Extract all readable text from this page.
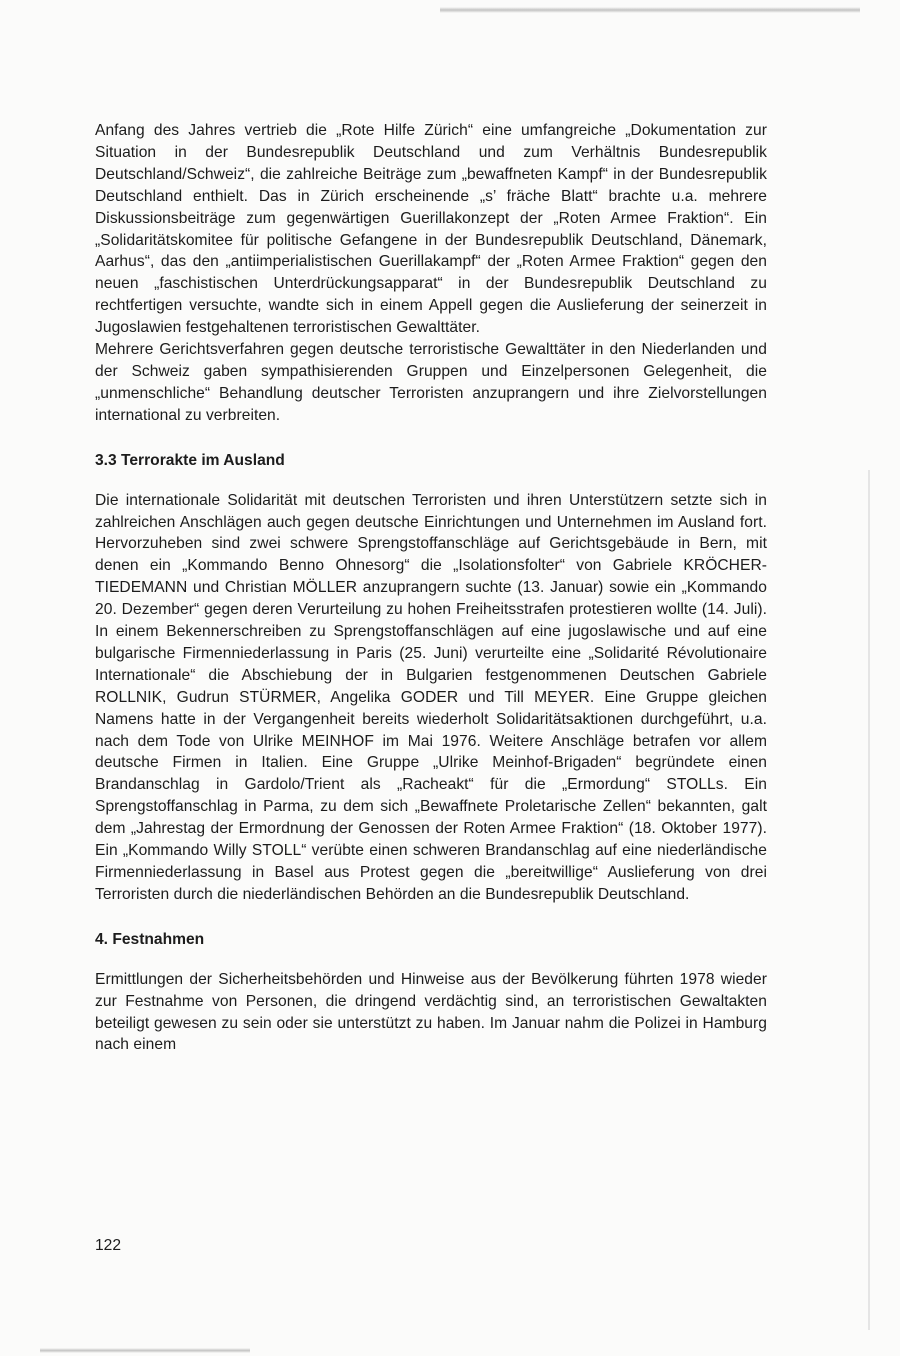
Anfang des Jahres vertrieb die „Rote Hilfe Zürich“ eine umfangreiche „Dokumentation zur Situation in der Bundesrepublik Deutschland und zum Verhältnis Bundesrepublik Deutschland/Schweiz“, die zahlreiche Beiträge zum „bewaffneten Kampf“ in der Bundesrepublik Deutschland enthielt. Das in Zürich erscheinende „s’ fräche Blatt“ brachte u.a. mehrere Diskussionsbeiträge zum gegenwärtigen Guerillakonzept der „Roten Armee Fraktion“. Ein „Solidaritätskomitee für politische Gefangene in der Bundesrepublik Deutschland, Dänemark, Aarhus“, das den „antiimperialistischen Guerillakampf“ der „Roten Armee Fraktion“ gegen den neuen „faschistischen Unterdrückungsapparat“ in der Bundesrepublik Deutschland zu rechtfertigen versuchte, wandte sich in einem Appell gegen die Auslieferung der seinerzeit in Jugoslawien festgehaltenen terroristischen Gewalttäter.

Mehrere Gerichtsverfahren gegen deutsche terroristische Gewalttäter in den Niederlanden und der Schweiz gaben sympathisierenden Gruppen und Einzelpersonen Gelegenheit, die „unmenschliche“ Behandlung deutscher Terroristen anzuprangern und ihre Zielvorstellungen international zu verbreiten.

3.3 Terrorakte im Ausland

Die internationale Solidarität mit deutschen Terroristen und ihren Unterstützern setzte sich in zahlreichen Anschlägen auch gegen deutsche Einrichtungen und Unternehmen im Ausland fort. Hervorzuheben sind zwei schwere Sprengstoffanschläge auf Gerichtsgebäude in Bern, mit denen ein „Kommando Benno Ohnesorg“ die „Isolationsfolter“ von Gabriele KRÖCHER-TIEDEMANN und Christian MÖLLER anzuprangern suchte (13. Januar) sowie ein „Kommando 20. Dezember“ gegen deren Verurteilung zu hohen Freiheitsstrafen protestieren wollte (14. Juli). In einem Bekennerschreiben zu Sprengstoffanschlägen auf eine jugoslawische und auf eine bulgarische Firmenniederlassung in Paris (25. Juni) verurteilte eine „Solidarité Révolutionaire Internationale“ die Abschiebung der in Bulgarien festgenommenen Deutschen Gabriele ROLLNIK, Gudrun STÜRMER, Angelika GODER und Till MEYER. Eine Gruppe gleichen Namens hatte in der Vergangenheit bereits wiederholt Solidaritätsaktionen durchgeführt, u.a. nach dem Tode von Ulrike MEINHOF im Mai 1976. Weitere Anschläge betrafen vor allem deutsche Firmen in Italien. Eine Gruppe „Ulrike Meinhof-Brigaden“ begründete einen Brandanschlag in Gardolo/Trient als „Racheakt“ für die „Ermordung“ STOLLs. Ein Sprengstoffanschlag in Parma, zu dem sich „Bewaffnete Proletarische Zellen“ bekannten, galt dem „Jahrestag der Ermordnung der Genossen der Roten Armee Fraktion“ (18. Oktober 1977). Ein „Kommando Willy STOLL“ verübte einen schweren Brandanschlag auf eine niederländische Firmenniederlassung in Basel aus Protest gegen die „bereitwillige“ Auslieferung von drei Terroristen durch die niederländischen Behörden an die Bundesrepublik Deutschland.

4. Festnahmen

Ermittlungen der Sicherheitsbehörden und Hinweise aus der Bevölkerung führten 1978 wieder zur Festnahme von Personen, die dringend verdächtig sind, an terroristischen Gewaltakten beteiligt gewesen zu sein oder sie unterstützt zu haben. Im Januar nahm die Polizei in Hamburg nach einem

122
